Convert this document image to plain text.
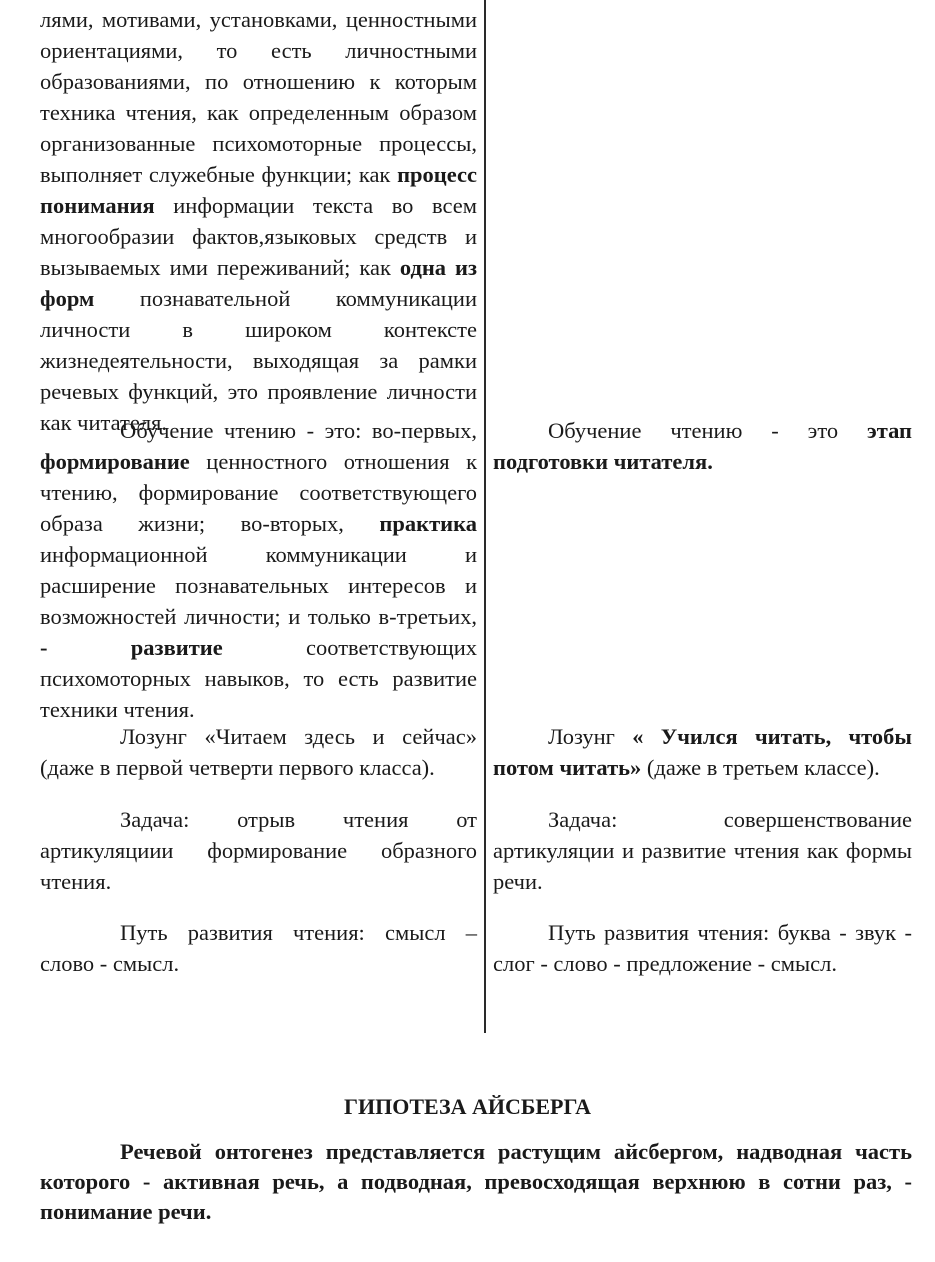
лями, мотивами, установками, ценностными ориентациями, то есть личностными образованиями, по отношению к которым техника чтения, как определенным образом организованные психомоторные процессы, выполняет служебные функции; как процесс понимания информации текста во всем многообразии фактов,языковых средств и вызываемых ими переживаний; как одна из форм познавательной коммуникации личности в широком контексте жизнедеятельности, выходящая за рамки речевых функций, это проявление личности как читателя.

Обучение чтению - это: во-первых, формирование ценностного отношения к чтению, формирование соответствующего образа жизни; во-вторых, практика информационной коммуникации и расширение познавательных интересов и возможностей личности; и только в-третьих, - развитие соответствующих психомоторных навыков, то есть развитие техники чтения.

Лозунг «Читаем здесь и сейчас» (даже в первой четверти первого класса).

Задача: отрыв чтения от артикуляциии формирование образного чтения.

Путь развития чтения: смысл – слово - смысл.

Обучение чтению - это этап подготовки читателя.

Лозунг « Учился читать, чтобы потом читать» (даже в третьем классе).

Задача: совершенствование артикуляции и развитие чтения как формы речи.

Путь развития чтения: буква - звук - слог - слово - предложение - смысл.

ГИПОТЕЗА АЙСБЕРГА

Речевой онтогенез представляется растущим айсбергом, надводная часть которого - активная речь, а подводная, превосходящая верхнюю в сотни раз, - понимание речи.
